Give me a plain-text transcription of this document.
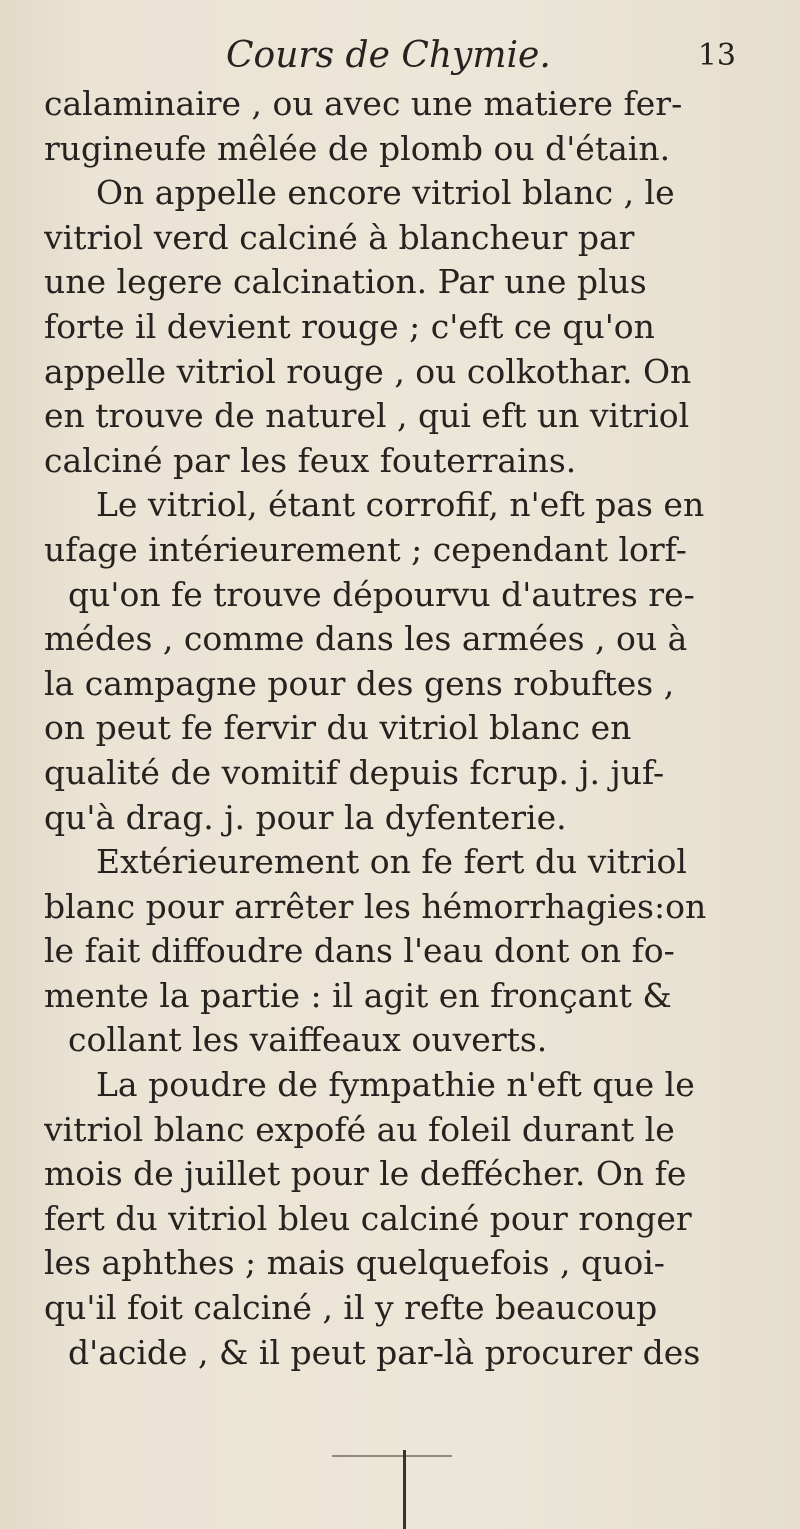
Cours de Chymie.	13
calaminaire , ou avec une matiere fer-
rugineufe mêlée de plomb ou d'étain.
On appelle encore vitriol blanc , le
vitriol verd calciné à blancheur par
une legere calcination. Par une plus
forte il devient rouge ; c'eft ce qu'on
appelle vitriol rouge , ou colkothar. On
en trouve de naturel , qui eft un vitriol
calciné par les feux fouterrains.
Le vitriol, étant corrofif, n'eft pas en
ufage intérieurement ; cependant lorf-
qu'on fe trouve dépourvu d'autres re-
médes , comme dans les armées , ou à
la campagne pour des gens robuftes ,
on peut fe fervir du vitriol blanc en
qualité de vomitif depuis fcrup. j. juf-
qu'à drag. j. pour la dyfenterie.
Extérieurement on fe fert du vitriol
blanc pour arrêter les hémorrhagies:on
le fait diffoudre dans l'eau dont on fo-
mente la partie : il agit en fronçant &
collant les vaiffeaux ouverts.
La poudre de fympathie n'eft que le
vitriol blanc expofé au foleil durant le
mois de juillet pour le deffécher. On fe
fert du vitriol bleu calciné pour ronger
les aphthes ; mais quelquefois , quoi-
qu'il foit calciné , il y refte beaucoup
d'acide , & il peut par-là procurer des
